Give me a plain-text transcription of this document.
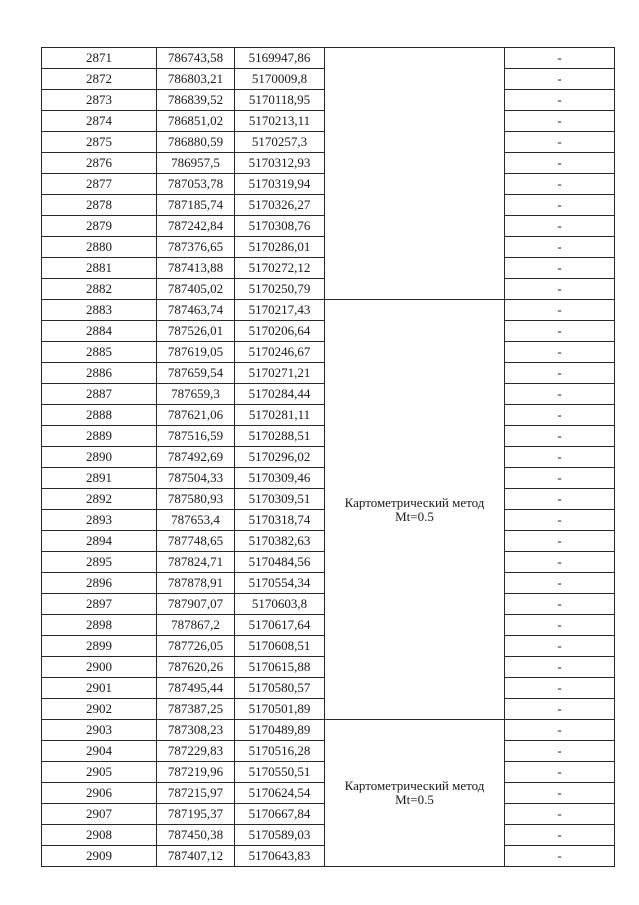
2871	786743,58	5169947,86		-
2872	786803,21	5170009,8		-
2873	786839,52	5170118,95		-
2874	786851,02	5170213,11		-
2875	786880,59	5170257,3		-
2876	786957,5	5170312,93		-
2877	787053,78	5170319,94		-
2878	787185,74	5170326,27		-
2879	787242,84	5170308,76		-
2880	787376,65	5170286,01		-
2881	787413,88	5170272,12		-
2882	787405,02	5170250,79		-
2883	787463,74	5170217,43	Картометрический метод
Mt=0.5	-
2884	787526,01	5170206,64		-
2885	787619,05	5170246,67		-
2886	787659,54	5170271,21		-
2887	787659,3	5170284,44		-
2888	787621,06	5170281,11		-
2889	787516,59	5170288,51		-
2890	787492,69	5170296,02		-
2891	787504,33	5170309,46		-
2892	787580,93	5170309,51		-
2893	787653,4	5170318,74		-
2894	787748,65	5170382,63		-
2895	787824,71	5170484,56		-
2896	787878,91	5170554,34		-
2897	787907,07	5170603,8		-
2898	787867,2	5170617,64		-
2899	787726,05	5170608,51		-
2900	787620,26	5170615,88		-
2901	787495,44	5170580,57		-
2902	787387,25	5170501,89		-
2903	787308,23	5170489,89	Картометрический метод
Mt=0.5	-
2904	787229,83	5170516,28		-
2905	787219,96	5170550,51		-
2906	787215,97	5170624,54		-
2907	787195,37	5170667,84		-
2908	787450,38	5170589,03		-
2909	787407,12	5170643,83		-
